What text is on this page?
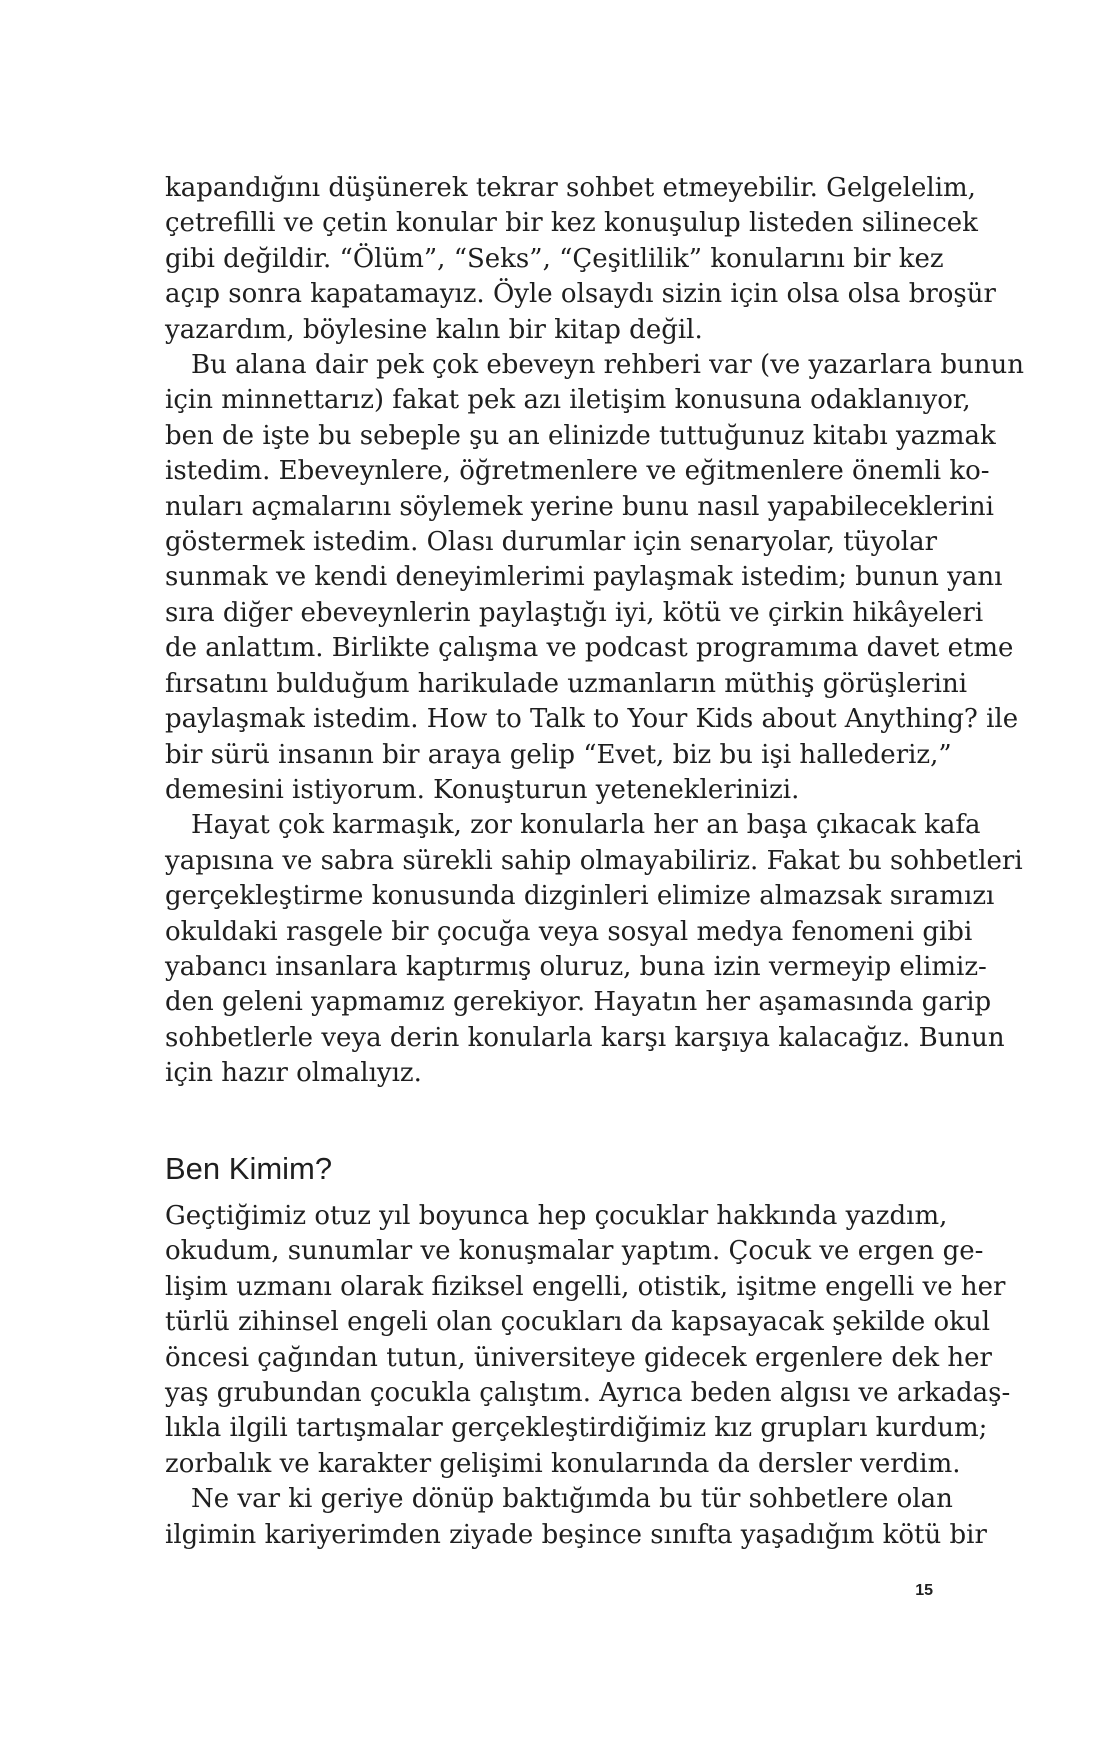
kapandığını düşünerek tekrar sohbet etmeyebilir. Gelgelelim,
çetrefilli ve çetin konular bir kez konuşulup listeden silinecek
gibi değildir. “Ölüm”, “Seks”, “Çeşitlilik” konularını bir kez
açıp sonra kapatamayız. Öyle olsaydı sizin için olsa olsa broşür
yazardım, böylesine kalın bir kitap değil.

Bu alana dair pek çok ebeveyn rehberi var (ve yazarlara bunun
için minnettarız) fakat pek azı iletişim konusuna odaklanıyor,
ben de işte bu sebeple şu an elinizde tuttuğunuz kitabı yazmak
istedim. Ebeveynlere, öğretmenlere ve eğitmenlere önemli ko-
nuları açmalarını söylemek yerine bunu nasıl yapabileceklerini
göstermek istedim. Olası durumlar için senaryolar, tüyolar
sunmak ve kendi deneyimlerimi paylaşmak istedim; bunun yanı
sıra diğer ebeveynlerin paylaştığı iyi, kötü ve çirkin hikâyeleri
de anlattım. Birlikte çalışma ve podcast programıma davet etme
fırsatını bulduğum harikulade uzmanların müthiş görüşlerini
paylaşmak istedim. How to Talk to Your Kids about Anything? ile
bir sürü insanın bir araya gelip “Evet, biz bu işi hallederiz,”
demesini istiyorum. Konuşturun yeteneklerinizi.

Hayat çok karmaşık, zor konularla her an başa çıkacak kafa
yapısına ve sabra sürekli sahip olmayabiliriz. Fakat bu sohbetleri
gerçekleştirme konusunda dizginleri elimize almazsak sıramızı
okuldaki rasgele bir çocuğa veya sosyal medya fenomeni gibi
yabancı insanlara kaptırmış oluruz, buna izin vermeyip elimiz-
den geleni yapmamız gerekiyor. Hayatın her aşamasında garip
sohbetlerle veya derin konularla karşı karşıya kalacağız. Bunun
için hazır olmalıyız.

Ben Kimim?

Geçtiğimiz otuz yıl boyunca hep çocuklar hakkında yazdım,
okudum, sunumlar ve konuşmalar yaptım. Çocuk ve ergen ge-
lişim uzmanı olarak fiziksel engelli, otistik, işitme engelli ve her
türlü zihinsel engeli olan çocukları da kapsayacak şekilde okul
öncesi çağından tutun, üniversiteye gidecek ergenlere dek her
yaş grubundan çocukla çalıştım. Ayrıca beden algısı ve arkadaş-
lıkla ilgili tartışmalar gerçekleştirdiğimiz kız grupları kurdum;
zorbalık ve karakter gelişimi konularında da dersler verdim.

Ne var ki geriye dönüp baktığımda bu tür sohbetlere olan
ilgimin kariyerimden ziyade beşince sınıfta yaşadığım kötü bir

15
